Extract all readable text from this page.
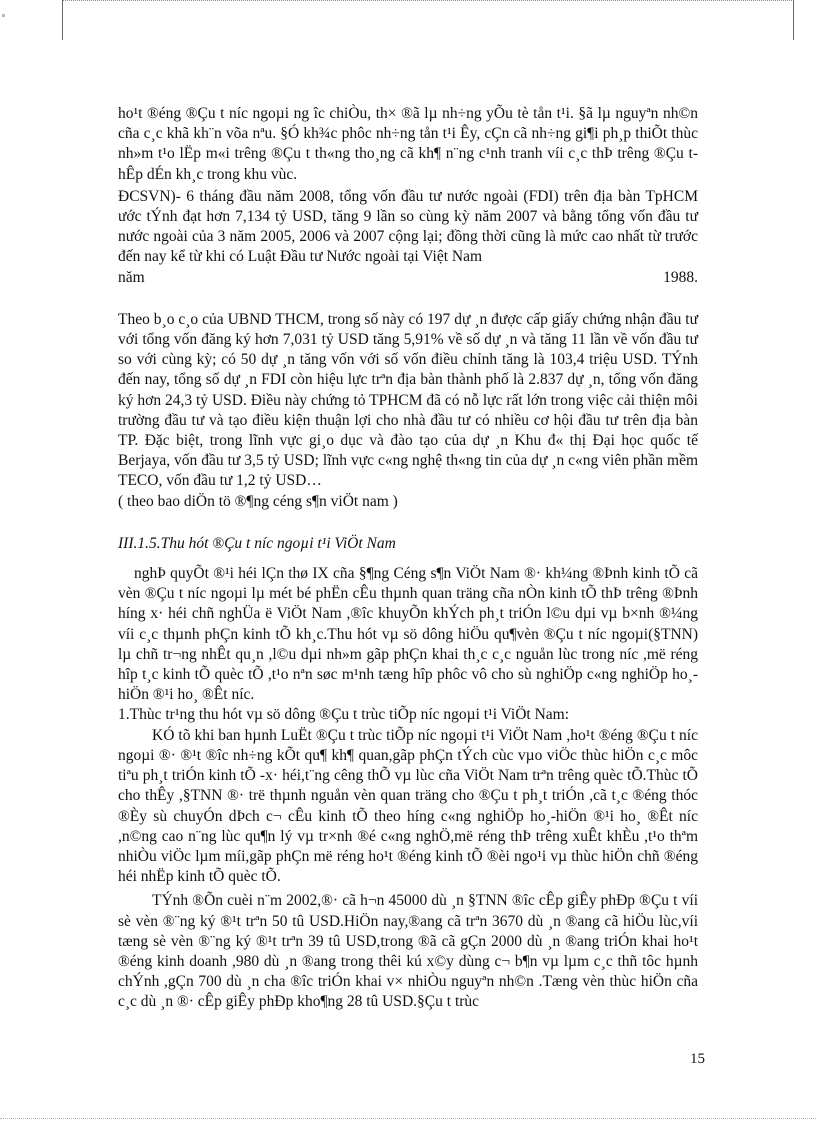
ho¹t ®éng ®Çu t níc ngoµi ng îc chiÒu, th× ®ã lµ nh÷ng yÕu tè tån t¹i. §ã lµ nguyªn nh©n cña c¸c khã kh¨n võa nªu. §Ó kh¾c phôc nh÷ng tån t¹i Êy, cÇn cã nh÷ng gi¶i ph¸p thiÕt thùc nh»m t¹o lËp m«i trêng ®Çu t th«ng tho¸ng cã kh¶ n¨ng c¹nh tranh víi c¸c thÞ trêng ®Çu t hÊp dÉn kh¸c trong khu vùc.

ĐCSVN)- 6 tháng đầu năm 2008, tổng vốn đầu tư nước ngoài (FDI) trên địa bàn TpHCM ước tÝnh đạt hơn 7,134 tỷ USD, tăng 9 lần so cùng kỳ năm 2007 và bằng tổng vốn đầu tư nước ngoài của 3 năm 2005, 2006 và 2007 cộng lại; đồng thời cũng là mức cao nhất từ trước đến nay kể từ khi có Luật Đầu tư Nước ngoài tại Việt Nam

năm	1988.

Theo b¸o c¸o của UBND THCM, trong số này có 197 dự ¸n được cấp giấy chứng nhận đầu tư với tổng vốn đăng ký hơn 7,031 tỷ USD tăng 5,91% về số dự ¸n và tăng 11 lần về vốn đầu tư so với cùng kỳ; có 50 dự ¸n tăng vốn với số vốn điều chỉnh tăng là 103,4 triệu USD. TÝnh đến nay, tổng số dự ¸n FDI còn hiệu lực trªn địa bàn thành phố là 2.837 dự ¸n, tổng vốn đăng ký hơn 24,3 tỷ USD. Điều này chứng tỏ TPHCM đã có nỗ lực rất lớn trong việc cải thiện môi trường đầu tư và tạo điều kiện thuận lợi cho nhà đầu tư có nhiều cơ hội đầu tư trên địa bàn TP. Đặc biệt, trong lĩnh vực gi¸o dục và đào tạo của dự ¸n Khu đ« thị Đại học quốc tế Berjaya, vốn đầu tư 3,5 tỷ USD; lĩnh vực c«ng nghệ th«ng tin của dự ¸n c«ng viên phần mềm TECO, vốn đầu tư 1,2 tỷ USD…

( theo bao diÖn tö ®¶ng céng s¶n viÖt nam )

III.1.5.Thu hót ®Çu t níc ngoµi t¹i ViÖt Nam

nghÞ quyÕt ®¹i héi lÇn thø IX cña §¶ng Céng s¶n ViÖt Nam ®· kh¼ng ®Þnh kinh tÕ cã vèn ®Çu t níc ngoµi lµ mét bé phËn cÊu thµnh quan träng cña nÒn kinh tÕ thÞ trêng ®Þnh híng x· héi chñ nghÜa ë ViÖt Nam ,®îc khuyÕn khÝch ph¸t triÓn l©u dµi vµ b×nh ®¼ng víi c¸c thµnh phÇn kinh tÕ kh¸c.Thu hót vµ sö dông hiÖu qu¶vèn ®Çu t níc ngoµi(§TNN) lµ chñ tr¬ng nhÊt qu¸n ,l©u dµi nh»m gãp phÇn khai th¸c c¸c nguån lùc trong níc ,më réng hîp t¸c kinh tÕ quèc tÕ ,t¹o nªn søc m¹nh tæng hîp phôc vô cho sù nghiÖp c«ng nghiÖp ho¸-hiÖn ®¹i ho¸ ®Êt níc.

1.Thùc tr¹ng thu hót vµ sö dông ®Çu t trùc tiÕp níc ngoµi t¹i ViÖt Nam:

KÓ tõ khi ban hµnh LuËt ®Çu t trùc tiÕp níc ngoµi t¹i ViÖt Nam ,ho¹t ®éng ®Çu t níc ngoµi ®· ®¹t ®îc nh÷ng kÕt qu¶ kh¶ quan,gãp phÇn tÝch cùc vµo viÖc thùc hiÖn c¸c môc tiªu ph¸t triÓn kinh tÕ -x· héi,t¨ng cêng thÕ vµ lùc cña ViÖt Nam trªn trêng quèc tÕ.Thùc tÕ cho thÊy ,§TNN ®· trë thµnh nguån vèn quan träng cho ®Çu t ph¸t triÓn ,cã t¸c ®éng thóc ®Èy sù chuyÓn dÞch c¬ cÊu kinh tÕ theo híng c«ng nghiÖp ho¸-hiÖn ®¹i ho¸ ®Êt níc ,n©ng cao n¨ng lùc qu¶n lý vµ tr×nh ®é c«ng nghÖ,më réng thÞ trêng xuÊt khÈu ,t¹o thªm nhiÒu viÖc lµm míi,gãp phÇn më réng ho¹t ®éng kinh tÕ ®èi ngo¹i vµ thùc hiÖn chñ ®éng héi nhËp kinh tÕ quèc tÕ.

TÝnh ®Õn cuèi n¨m 2002,®· cã h¬n 45000 dù ¸n §TNN ®îc cÊp giÊy phÐp ®Çu t víi sè vèn ®¨ng ký ®¹t trªn 50 tû USD.HiÖn nay,®ang cã trªn 3670 dù ¸n ®ang cã hiÖu lùc,víi tæng sè vèn ®¨ng ký ®¹t trªn 39 tû USD,trong ®ã cã gÇn 2000 dù ¸n ®ang triÓn khai ho¹t ®éng kinh doanh ,980 dù ¸n ®ang trong thêi kú x©y dùng c¬ b¶n vµ lµm c¸c thñ tôc hµnh chÝnh ,gÇn 700 dù ¸n cha ®îc triÓn khai v× nhiÒu nguyªn nh©n .Tæng vèn thùc hiÖn cña c¸c dù ¸n ®· cÊp giÊy phÐp kho¶ng 28 tû USD.§Çu t trùc

15
